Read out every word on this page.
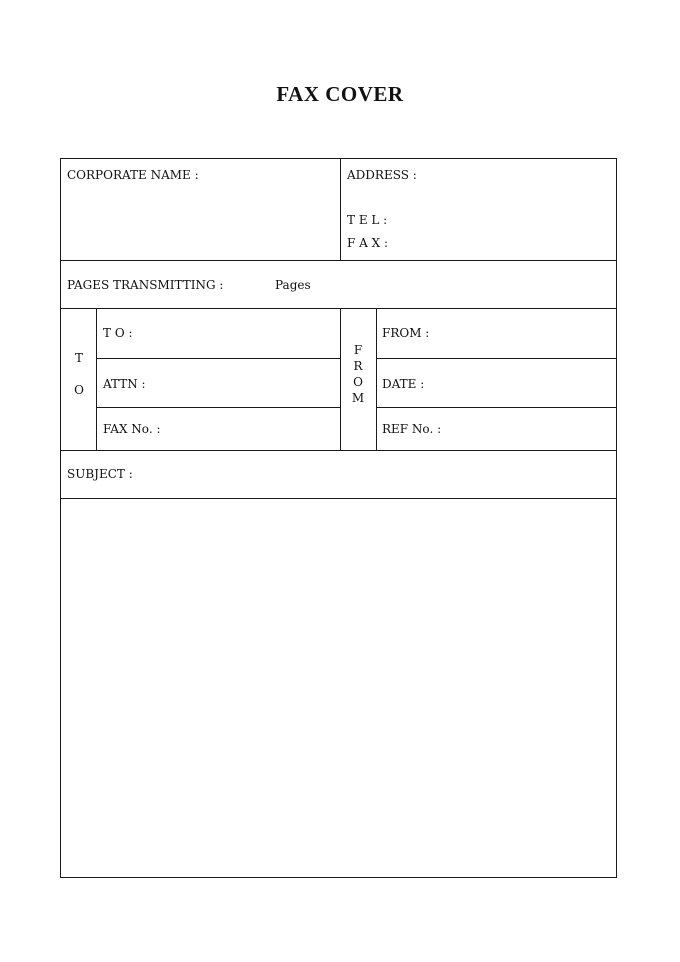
FAX COVER
CORPORATE NAME :	ADDRESS :
T E L :
F A X :
PAGES TRANSMITTING :	Pages
T
O
T O :
ATTN :
FAX No. :
F
R
O
M
FROM :
DATE :
REF No. :
SUBJECT :
